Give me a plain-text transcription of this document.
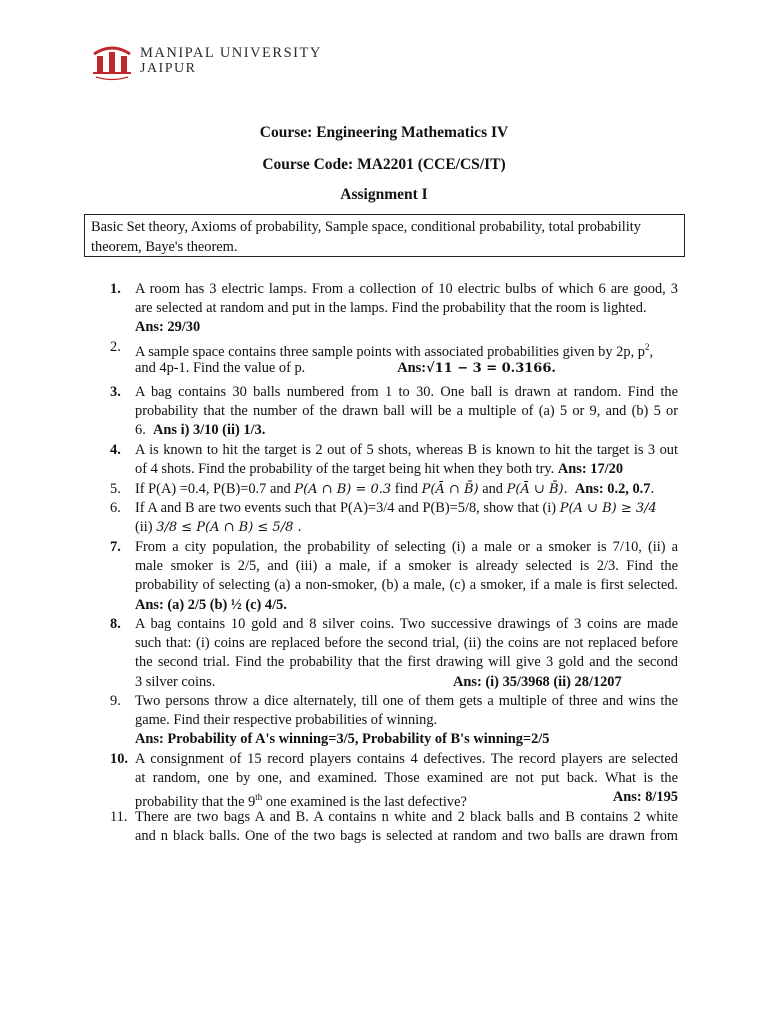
MANIPAL UNIVERSITY
JAIPUR
Course: Engineering Mathematics IV
Course Code: MA2201 (CCE/CS/IT)
Assignment I
Basic Set theory, Axioms of probability, Sample space, conditional probability, total probability theorem, Baye's theorem.
1. A room has 3 electric lamps. From a collection of 10 electric bulbs of which 6 are good, 3
are selected at random and put in the lamps. Find the probability that the room is lighted.
Ans: 29/30
2. A sample space contains three sample points with associated probabilities given by 2p, $p^2$,
and 4p-1. Find the value of p.	Ans:√11 − 3 = 0.3166.
3. A bag contains 30 balls numbered from 1 to 30. One ball is drawn at random. Find the
probability that the number of the drawn ball will be a multiple of (a) 5 or 9, and (b) 5 or
6. Ans i) 3/10 (ii) 1/3.
4. A is known to hit the target is 2 out of 5 shots, whereas B is known to hit the target is 3 out
of 4 shots. Find the probability of the target being hit when they both try. Ans: 17/20
5. If P(A) =0.4, P(B)=0.7 and P(A ∩ B) = 0.3 find P(Ā ∩ B̄) and P(Ā ∪ B̄). Ans: 0.2, 0.7.
6. If A and B are two events such that P(A)=3/4 and P(B)=5/8, show that (i) P(A ∪ B) ≥ 3/4
(ii) 3/8 ≤ P(A ∩ B) ≤ 5/8 .
7. From a city population, the probability of selecting (i) a male or a smoker is 7/10, (ii) a
male smoker is 2/5, and (iii) a male, if a smoker is already selected is 2/3. Find the
probability of selecting (a) a non-smoker, (b) a male, (c) a smoker, if a male is first selected.
Ans: (a) 2/5 (b) ½ (c) 4/5.
8. A bag contains 10 gold and 8 silver coins. Two successive drawings of 3 coins are made
such that: (i) coins are replaced before the second trial, (ii) the coins are not replaced before
the second trial. Find the probability that the first drawing will give 3 gold and the second
3 silver coins.	Ans: (i) 35/3968 (ii) 28/1207
9. Two persons throw a dice alternately, till one of them gets a multiple of three and wins the
game. Find their respective probabilities of winning.
Ans: Probability of A's winning=3/5, Probability of B's winning=2/5
10. A consignment of 15 record players contains 4 defectives. The record players are selected
at random, one by one, and examined. Those examined are not put back. What is the
probability that the 9th one examined is the last defective?	Ans: 8/195
11. There are two bags A and B. A contains n white and 2 black balls and B contains 2 white
and n black balls. One of the two bags is selected at random and two balls are drawn from
